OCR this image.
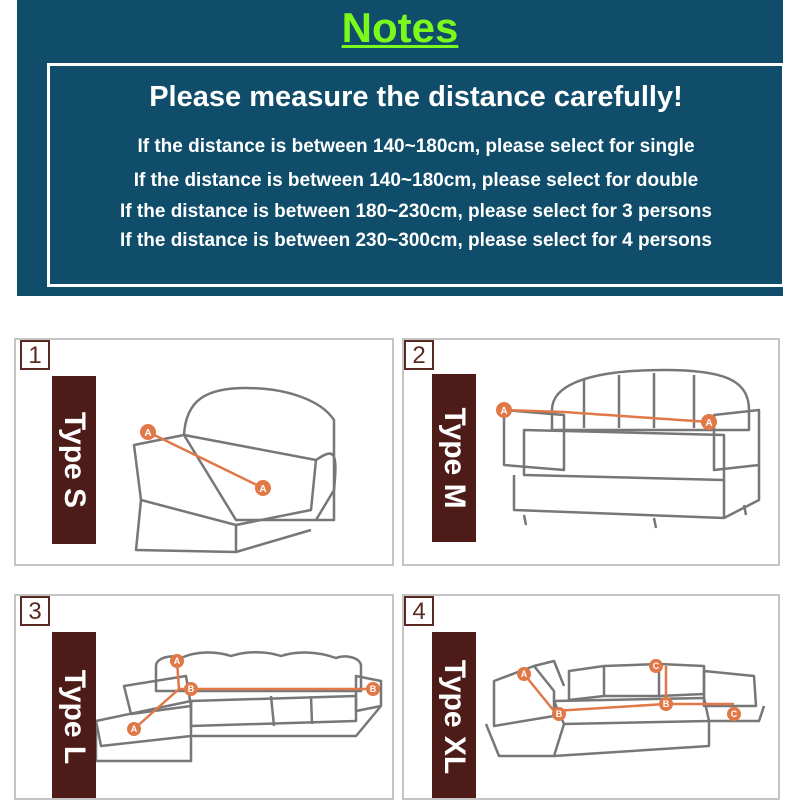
Notes
Please measure the distance carefully!
If the distance is between 140~180cm, please select for single
If the distance is between 140~180cm, please select for double
If the distance is between 180~230cm, please select for 3 persons
If the distance is between 230~300cm, please select for 4 persons
A
A
1
Type S
A
A
2
Type M
A
B
A
B
3
Type L	A
B
C
B
C
4
Type XL
